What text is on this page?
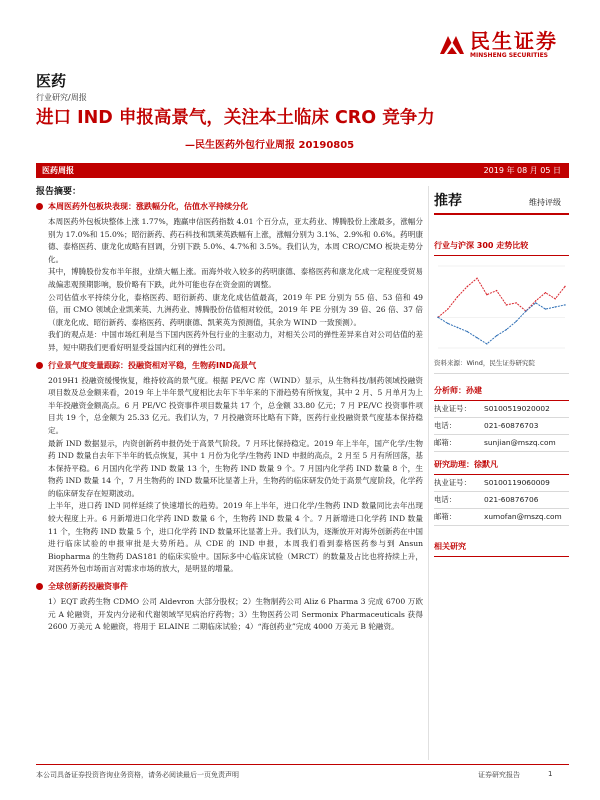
民生证券
MINSHENG SECURITIES
医药
行业研究/周报
进口 IND 申报高景气，关注本土临床 CRO 竞争力
—民生医药外包行业周报 20190805
医药周报	2019 年 08 月 05 日
报告摘要：
本周医药外包板块表现：涨跌幅分化，估值水平持续分化

本周医药外包板块整体上涨 1.77%，跑赢申信医药指数 4.01 个百分点，亚太药业、博腾股份上涨最多，涨幅分别为 17.0%和 15.0%；昭衍新药、药石科技和凯莱英跌幅有上涨，涨幅分别为 3.1%、2.9%和 0.6%。药明康德、泰格医药、康龙化成略有回调，分别下跌 5.0%、4.7%和 3.5%。我们认为，本周 CRO/CMO 板块走势分化。

其中，博腾股份发布半年报，业绩大幅上涨。而海外收入较多的药明康德、泰格医药和康龙化成一定程度受贸易战偏悲观预期影响，股价略有下跌，此外可能也存在资金面的调整。

公司估值水平持续分化，泰格医药、昭衍新药、康龙化成估值最高，2019 年 PE 分别为 55 倍、53 倍和 49 倍，而 CMO 领域企业凯莱英、九洲药业、博腾股份估值相对较低，2019 年 PE 分别为 39 倍、26 倍、37 倍（康龙化成、昭衍新药、泰格医药、药明康德、凯莱英为预测值，其余为 WIND 一致预测）。

我们的观点是：中国市场红利是当下国内医药外包行业的主驱动力，对相关公司的弹性差异来自对公司估值的差异，短中期我们更看好明显受益国内红利的弹性公司。

行业景气度变量跟踪：投融资相对平稳，生物药IND高景气

2019H1 投融资缓慢恢复，维持较高的景气度。根据 PE/VC 库（WIND）显示，从生物科技/制药领域投融资项目数及总金额来看，2019 年上半年景气度相比去年下半年来的下滑趋势有所恢复，其中 2 月、5 月单月为上半年投融资金额高点。6 月 PE/VC 投资事件项目数量共 17 个，总金额 33.80 亿元；7 月 PE/VC 投资事件项目共 19 个，总金额为 25.33 亿元。我们认为，7 月投融资环比略有下降，医药行业投融资景气度基本保持稳定。

最新 IND 数据显示，内资创新药申报仍处于高景气阶段。7 月环比保持稳定。2019 年上半年，国产化学/生物药 IND 数量自去年下半年的低点恢复，其中 1 月份为化学/生物药 IND 申报的高点，2 月至 5 月有所回落，基本保持平稳。6 月国内化学药 IND 数量 13 个，生物药 IND 数量 9 个。7 月国内化学药 IND 数量 8 个，生物药 IND 数量 14 个，7 月生物药的 IND 数量环比显著上升，生物药的临床研发仍处于高景气度阶段，化学药的临床研发存在短期波动。

上半年，进口药 IND 同样延续了快速增长的趋势。2019 年上半年，进口化学/生物药 IND 数量同比去年出现较大程度上升。6 月新增进口化学药 IND 数量 6 个，生物药 IND 数量 4 个。7 月新增进口化学药 IND 数量 11 个，生物药 IND 数量 5 个，进口化学药 IND 数量环比显著上升。我们认为，逐渐放开对海外创新药在中国进行临床试验的申报审批是大势所趋。从 CDE 的 IND 申报，本周我们看到泰格医药参与到 Ansun Biopharma 的生物药 DAS181 的临床实验中。国际多中心临床试验（MRCT）的数量及占比也将持续上升，对医药外包市场而言对需求市场的放大，是明显的增量。

全球创新药投融资事件

1）EQT 政药生物 CDMO 公司 Aldevron 大部分股权；2）生物制药公司 Aliz 6 Pharma 3 完成 6700 万欧元 A 轮融资，开发内分泌和代谢领域罕见病治疗药物；3）生物医药公司 Sermonix Pharmaceuticals 获得 2600 万美元 A 轮融资，将用于 ELAINE 二期临床试验；4）“海创药业”完成 4000 万美元 B 轮融资。

推荐	维持评级
行业与沪深 300 走势比较
资料来源：Wind，民生证券研究院
分析师：孙建
执业证号：	S0100519020002
电话：	021-60876703
邮箱：	sunjian@mszq.com
研究助理：徐默凡
执业证号：	S0100119060009
电话：	021-60876706
邮箱：	xumofan@mszq.com
相关研究
本公司具备证券投资咨询业务资格，请务必阅读最后一页免责声明	证券研究报告	1
